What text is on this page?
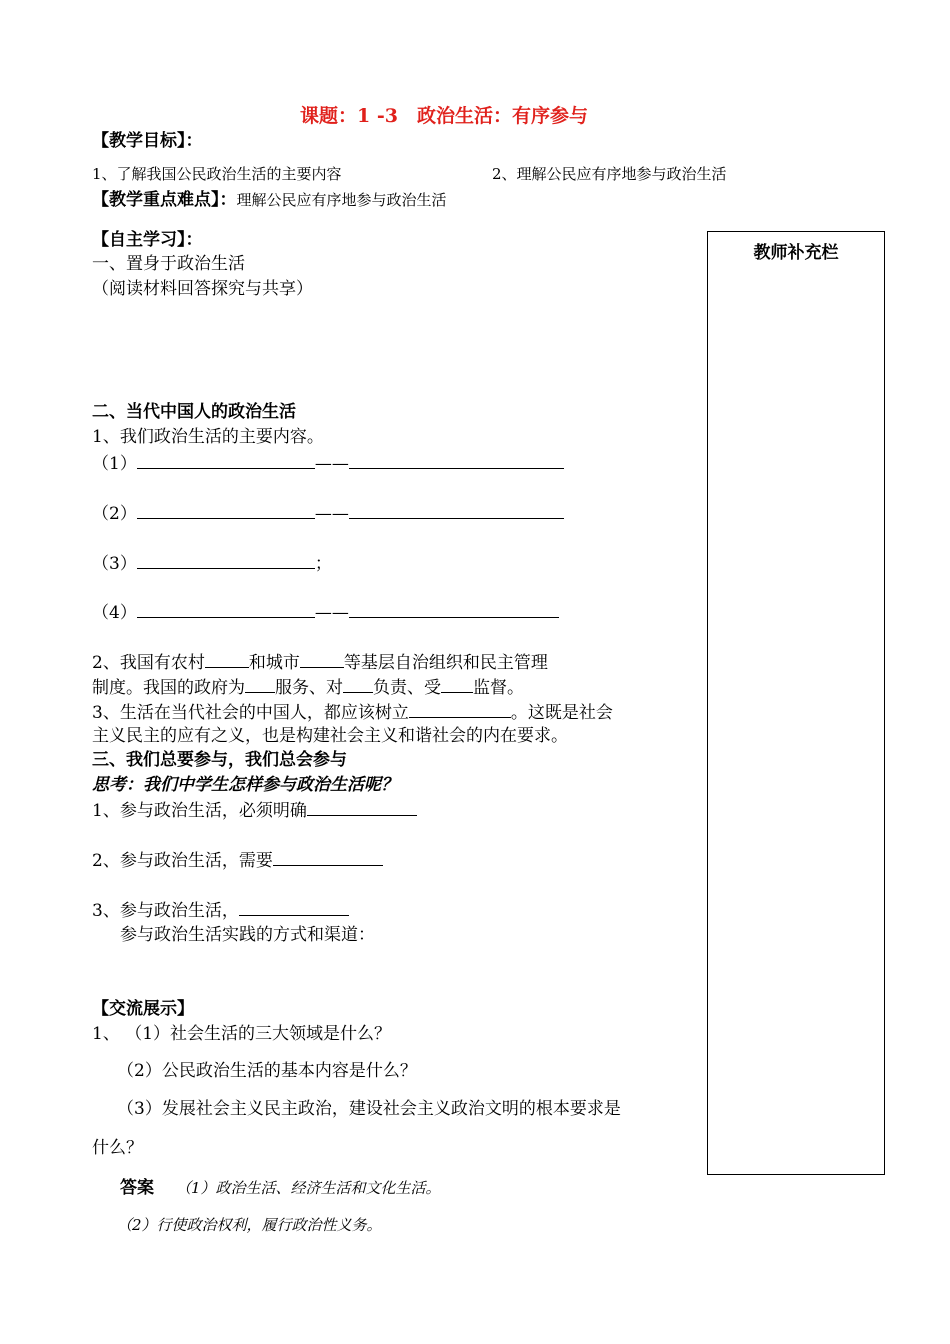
课题：1 -3　政治生活：有序参与
【教学目标】：
1、了解我国公民政治生活的主要内容	2、理解公民应有序地参与政治生活
【教学重点难点】：理解公民应有序地参与政治生活
教师补充栏
【自主学习】：
一、置身于政治生活
（阅读材料回答探究与共享）
二、当代中国人的政治生活
1、我们政治生活的主要内容。
（1）	——
（2）	——
（3）	；
（4）	——
2、我国有农村	和城市	等基层自治组织和民主管理
制度。我国的政府为 服务、对 负责、受 监督。
3、生活在当代社会的中国人，都应该树立	。这既是社会
主义民主的应有之义，也是构建社会主义和谐社会的内在要求。
三、我们总要参与，我们总会参与
思考：我们中学生怎样参与政治生活呢？
1、参与政治生活，必须明确
2、参与政治生活，需要
3、参与政治生活，
参与政治生活实践的方式和渠道：
【交流展示】
1、 （1）社会生活的三大领域是什么？
（2）公民政治生活的基本内容是什么？
（3）发展社会主义民主政治，建设社会主义政治文明的根本要求是
什么？
答案 （1）政治生活、经济生活和文化生活。
（2）行使政治权利，履行政治性义务。
